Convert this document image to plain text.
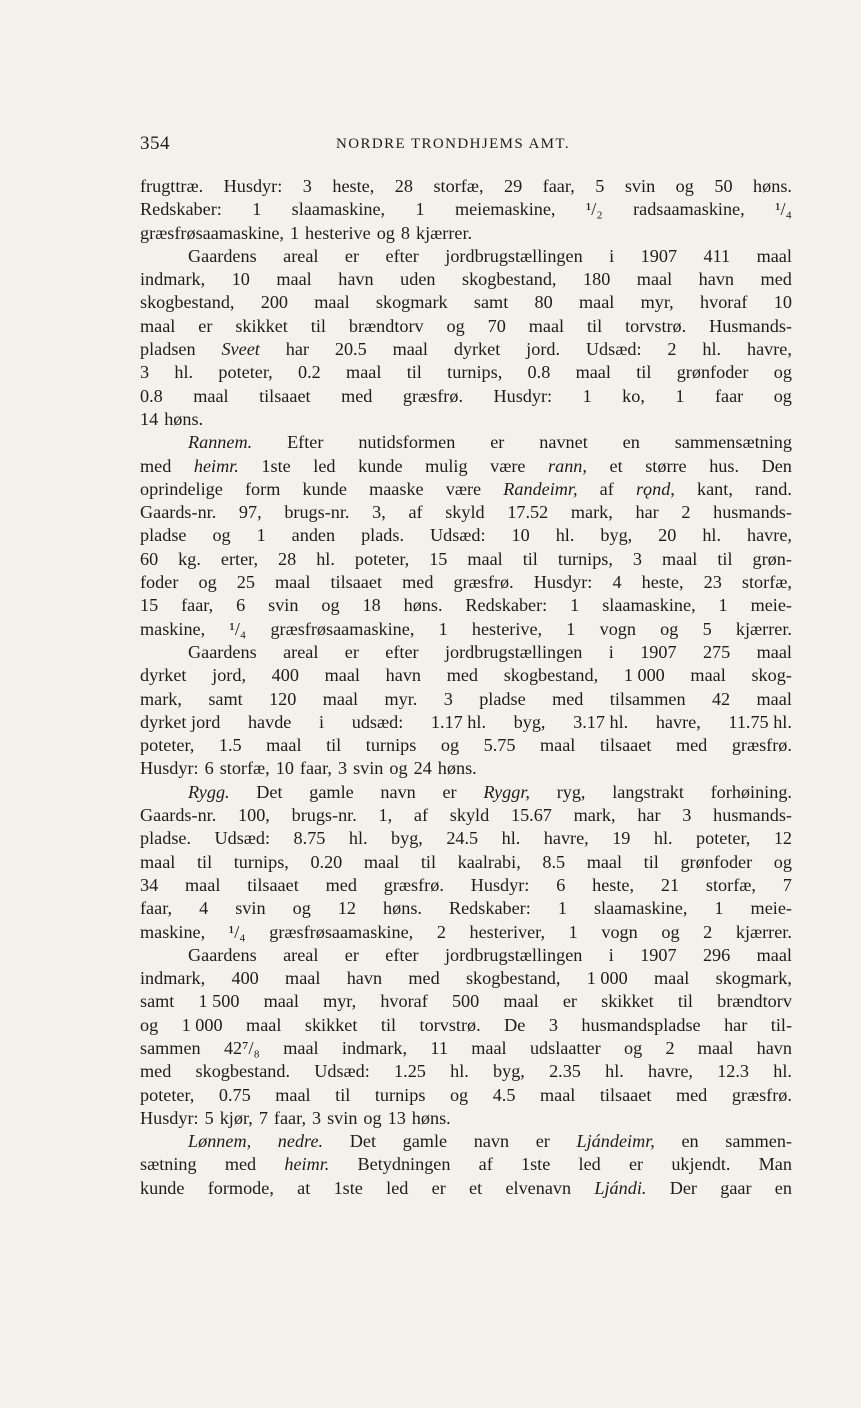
354	NORDRE TRONDHJEMS AMT.
frugttræ. Husdyr: 3 heste, 28 storfæ, 29 faar, 5 svin og 50 høns.
Redskaber: 1 slaamaskine, 1 meiemaskine, ¹/₂ radsaamaskine, ¹/₄
græsfrøsaamaskine, 1 hesterive og 8 kjærrer.
Gaardens areal er efter jordbrugstællingen i 1907 411 maal
indmark, 10 maal havn uden skogbestand, 180 maal havn med
skogbestand, 200 maal skogmark samt 80 maal myr, hvoraf 10
maal er skikket til brændtorv og 70 maal til torvstrø. Husmands-
pladsen Sveet har 20.5 maal dyrket jord. Udsæd: 2 hl. havre,
3 hl. poteter, 0.2 maal til turnips, 0.8 maal til grønfoder og
0.8 maal tilsaaet med græsfrø. Husdyr: 1 ko, 1 faar og
14 høns.
Rannem. Efter nutidsformen er navnet en sammensætning
med heimr. 1ste led kunde mulig være rann, et større hus. Den
oprindelige form kunde maaske være Randeimr, af rǫnd, kant, rand.
Gaards-nr. 97, brugs-nr. 3, af skyld 17.52 mark, har 2 husmands-
pladse og 1 anden plads. Udsæd: 10 hl. byg, 20 hl. havre,
60 kg. erter, 28 hl. poteter, 15 maal til turnips, 3 maal til grøn-
foder og 25 maal tilsaaet med græsfrø. Husdyr: 4 heste, 23 storfæ,
15 faar, 6 svin og 18 høns. Redskaber: 1 slaamaskine, 1 meie-
maskine, ¹/₄ græsfrøsaamaskine, 1 hesterive, 1 vogn og 5 kjærrer.
Gaardens areal er efter jordbrugstællingen i 1907 275 maal
dyrket jord, 400 maal havn med skogbestand, 1 000 maal skog-
mark, samt 120 maal myr. 3 pladse med tilsammen 42 maal
dyrket jord havde i udsæd: 1.17 hl. byg, 3.17 hl. havre, 11.75 hl.
poteter, 1.5 maal til turnips og 5.75 maal tilsaaet med græsfrø.
Husdyr: 6 storfæ, 10 faar, 3 svin og 24 høns.
Rygg. Det gamle navn er Ryggr, ryg, langstrakt forhøining.
Gaards-nr. 100, brugs-nr. 1, af skyld 15.67 mark, har 3 husmands-
pladse. Udsæd: 8.75 hl. byg, 24.5 hl. havre, 19 hl. poteter, 12
maal til turnips, 0.20 maal til kaalrabi, 8.5 maal til grønfoder og
34 maal tilsaaet med græsfrø. Husdyr: 6 heste, 21 storfæ, 7
faar, 4 svin og 12 høns. Redskaber: 1 slaamaskine, 1 meie-
maskine, ¹/₄ græsfrøsaamaskine, 2 hesteriver, 1 vogn og 2 kjærrer.
Gaardens areal er efter jordbrugstællingen i 1907 296 maal
indmark, 400 maal havn med skogbestand, 1 000 maal skogmark,
samt 1 500 maal myr, hvoraf 500 maal er skikket til brændtorv
og 1 000 maal skikket til torvstrø. De 3 husmandspladse har til-
sammen 42⁷/₈ maal indmark, 11 maal udslaatter og 2 maal havn
med skogbestand. Udsæd: 1.25 hl. byg, 2.35 hl. havre, 12.3 hl.
poteter, 0.75 maal til turnips og 4.5 maal tilsaaet med græsfrø.
Husdyr: 5 kjør, 7 faar, 3 svin og 13 høns.
Lønnem, nedre. Det gamle navn er Ljándeimr, en sammen-
sætning med heimr. Betydningen af 1ste led er ukjendt. Man
kunde formode, at 1ste led er et elvenavn Ljándi. Der gaar en
